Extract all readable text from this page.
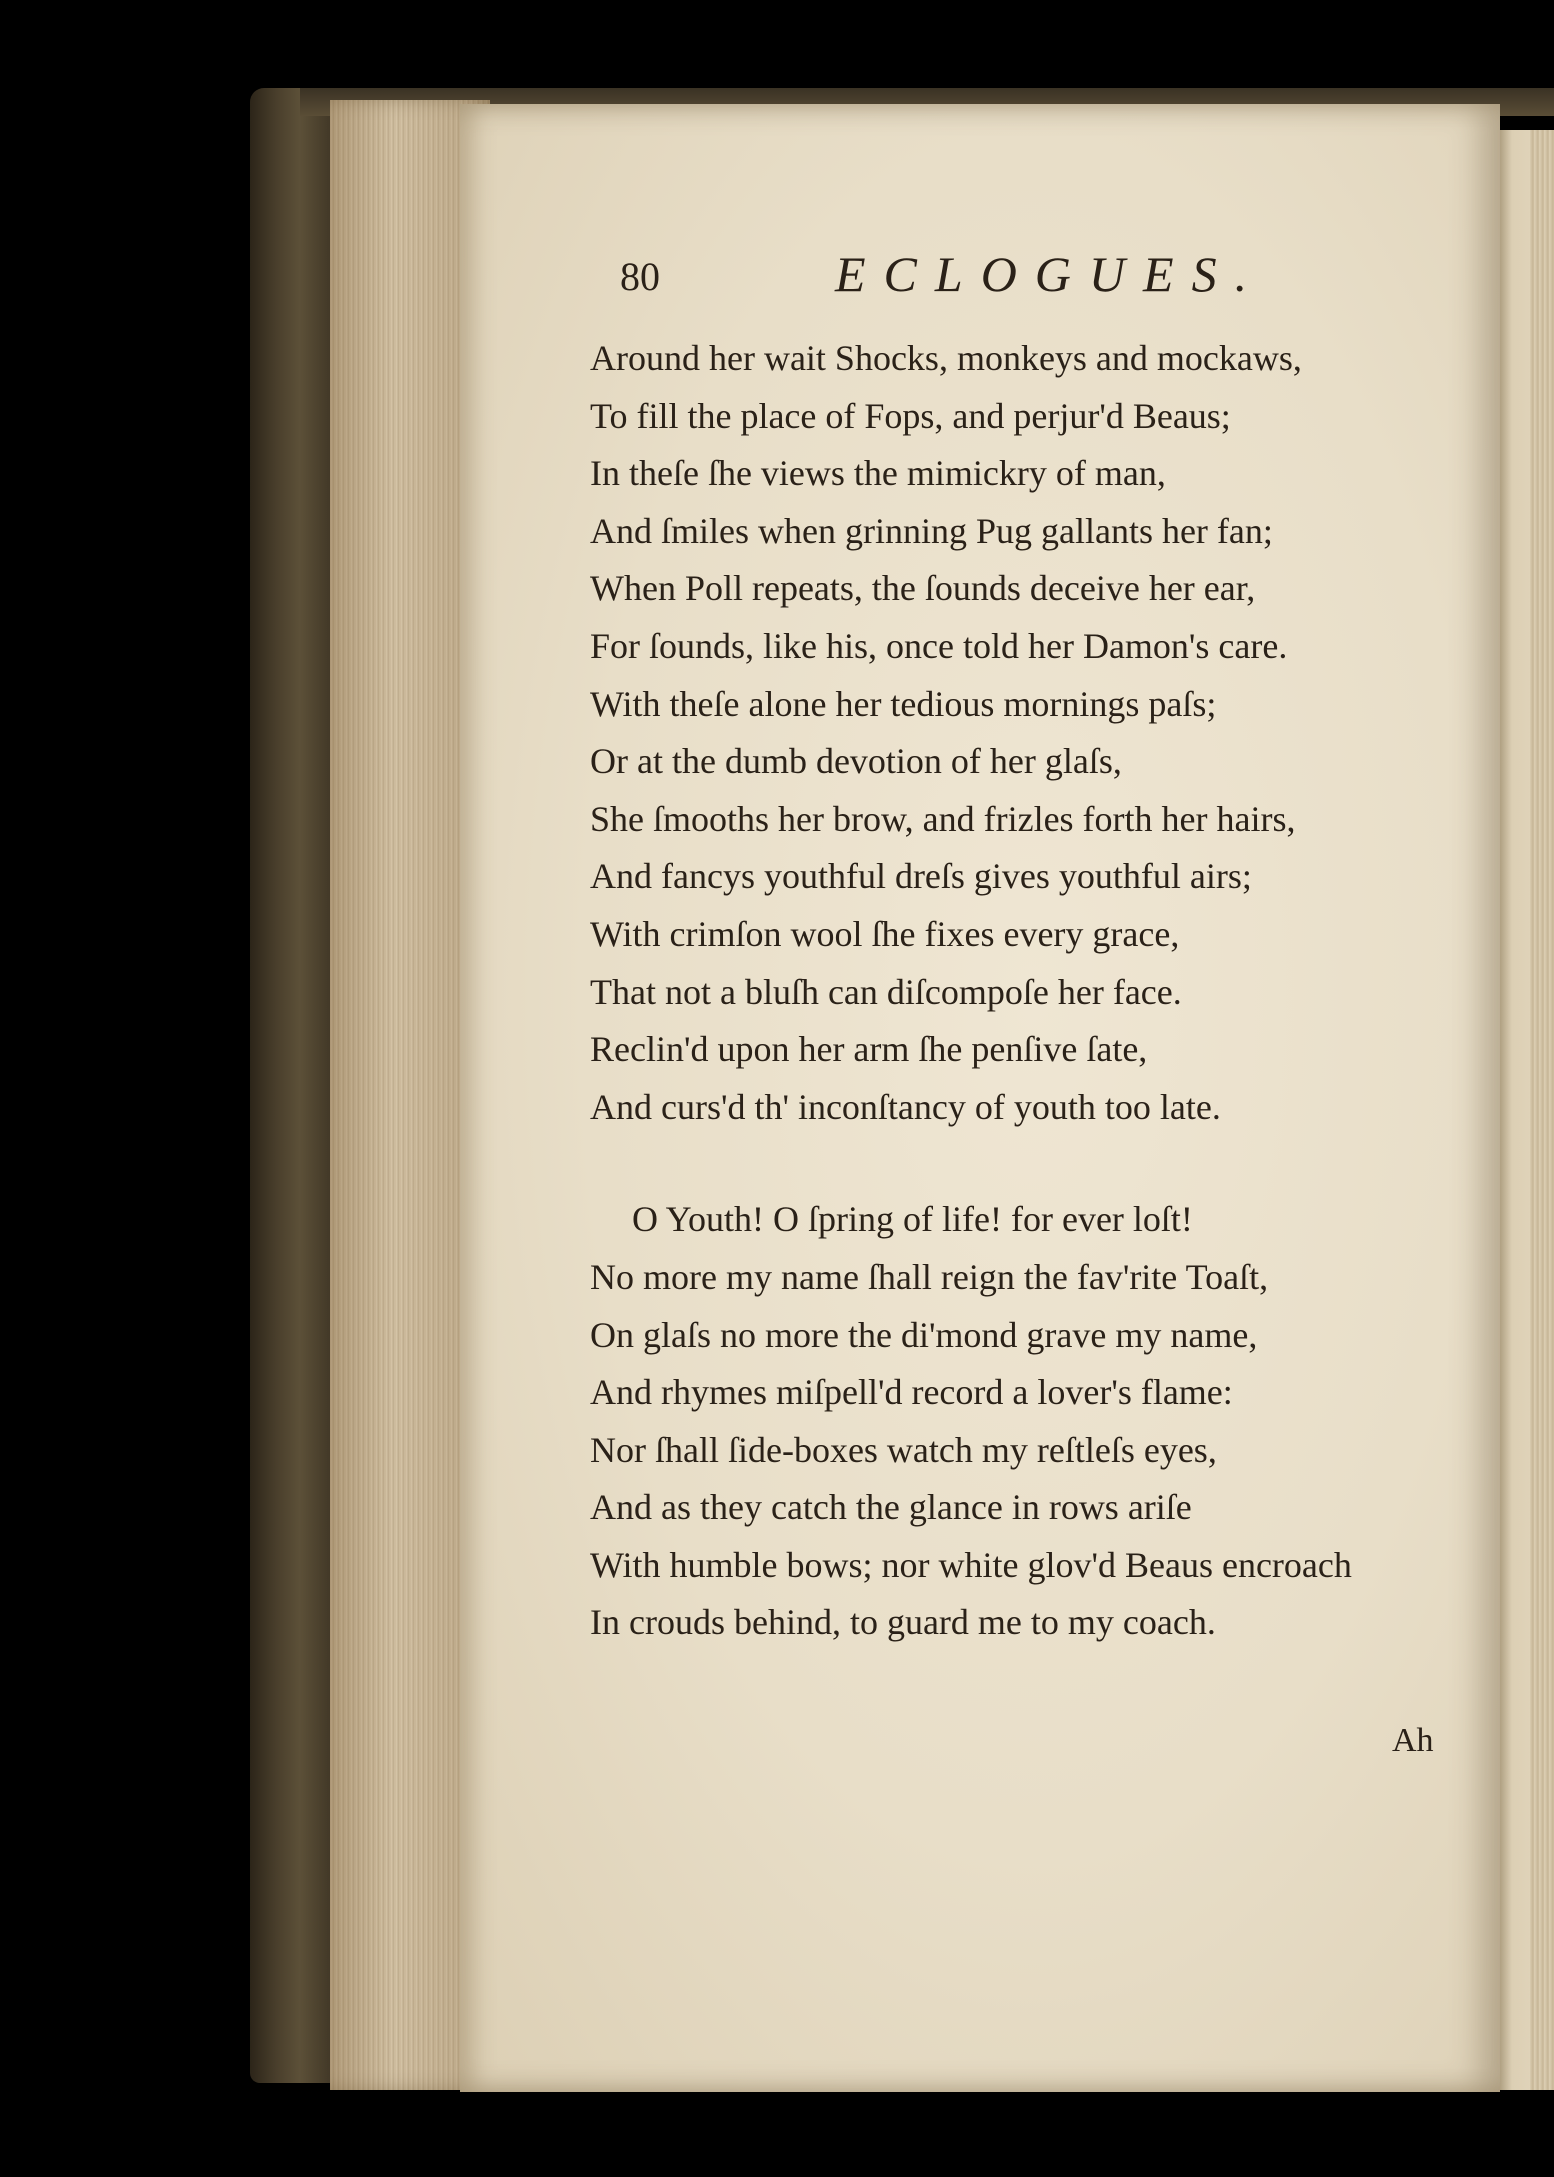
80	ECLOGUES.
Around her wait Shocks, monkeys and mockaws,
To fill the place of Fops, and perjur'd Beaus;
In theſe ſhe views the mimickry of man,
And ſmiles when grinning Pug gallants her fan;
When Poll repeats, the ſounds deceive her ear,
For ſounds, like his, once told her Damon's care.
With theſe alone her tedious mornings paſs;
Or at the dumb devotion of her glaſs,
She ſmooths her brow, and frizles forth her hairs,
And fancys youthful dreſs gives youthful airs;
With crimſon wool ſhe fixes every grace,
That not a bluſh can diſcompoſe her face.
Reclin'd upon her arm ſhe penſive ſate,
And curs'd th' inconſtancy of youth too late.
O Youth! O ſpring of life! for ever loſt!
No more my name ſhall reign the fav'rite Toaſt,
On glaſs no more the di'mond grave my name,
And rhymes miſpell'd record a lover's flame:
Nor ſhall ſide-boxes watch my reſtleſs eyes,
And as they catch the glance in rows ariſe
With humble bows; nor white glov'd Beaus encroach
In crouds behind, to guard me to my coach.
Ah
